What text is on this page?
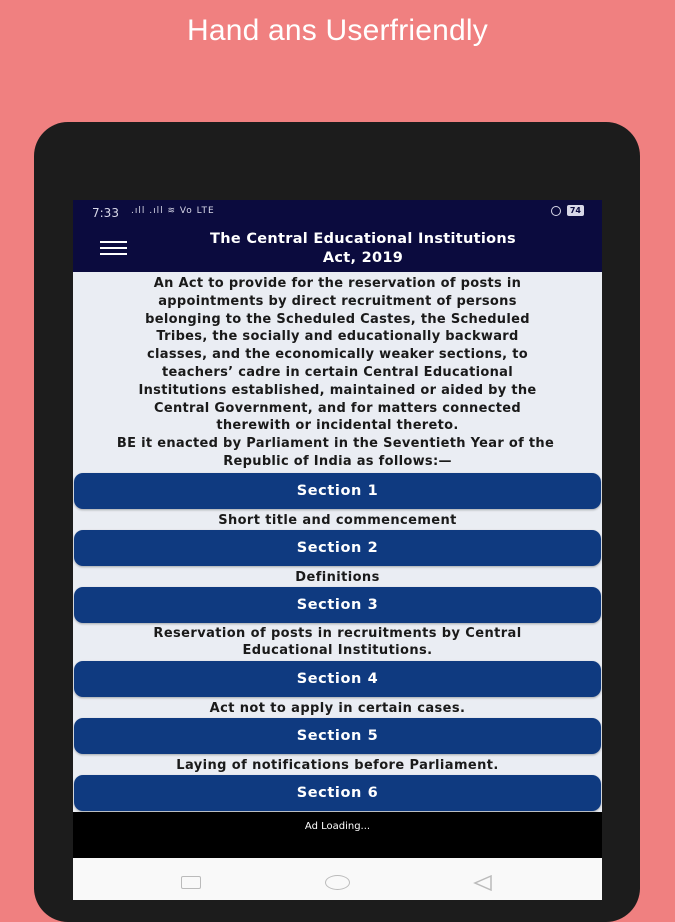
Hand ans Userfriendly
7:33 .ıll .ıll ≋ Vo LTE	74
The Central Educational Institutions
Act, 2019
An Act to provide for the reservation of posts in
appointments by direct recruitment of persons
belonging to the Scheduled Castes, the Scheduled
Tribes, the socially and educationally backward
classes, and the economically weaker sections, to
teachers’ cadre in certain Central Educational
Institutions established, maintained or aided by the
Central Government, and for matters connected
therewith or incidental thereto.
BE it enacted by Parliament in the Seventieth Year of the
Republic of India as follows:—
Section 1
Short title and commencement
Section 2
Definitions
Section 3
Reservation of posts in recruitments by Central Educational Institutions.
Section 4
Act not to apply in certain cases.
Section 5
Laying of notifications before Parliament.
Section 6
Ad Loading...
